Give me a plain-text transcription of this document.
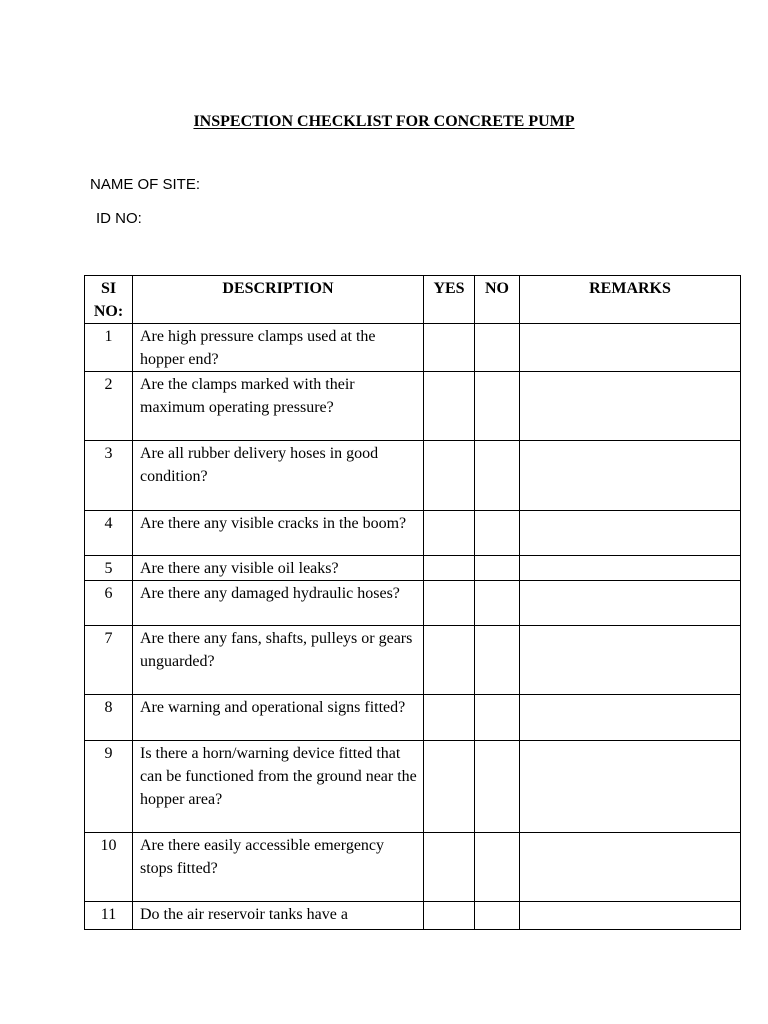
INSPECTION CHECKLIST FOR CONCRETE PUMP
NAME OF SITE:
ID NO:
SI NO:	DESCRIPTION	YES	NO	REMARKS
1	Are high pressure clamps used at the hopper end?			
2	Are the clamps marked with their maximum operating pressure?			
3	Are all rubber delivery hoses in good condition?			
4	Are there any visible cracks in the boom?			
5	Are there any visible oil leaks?			
6	Are there any damaged hydraulic hoses?			
7	Are there any fans, shafts, pulleys or gears unguarded?			
8	Are warning and operational signs fitted?			
9	Is there a horn/warning device fitted that can be functioned from the ground near the hopper area?			
10	Are there easily accessible emergency stops fitted?			
11	Do the air reservoir tanks have a			
